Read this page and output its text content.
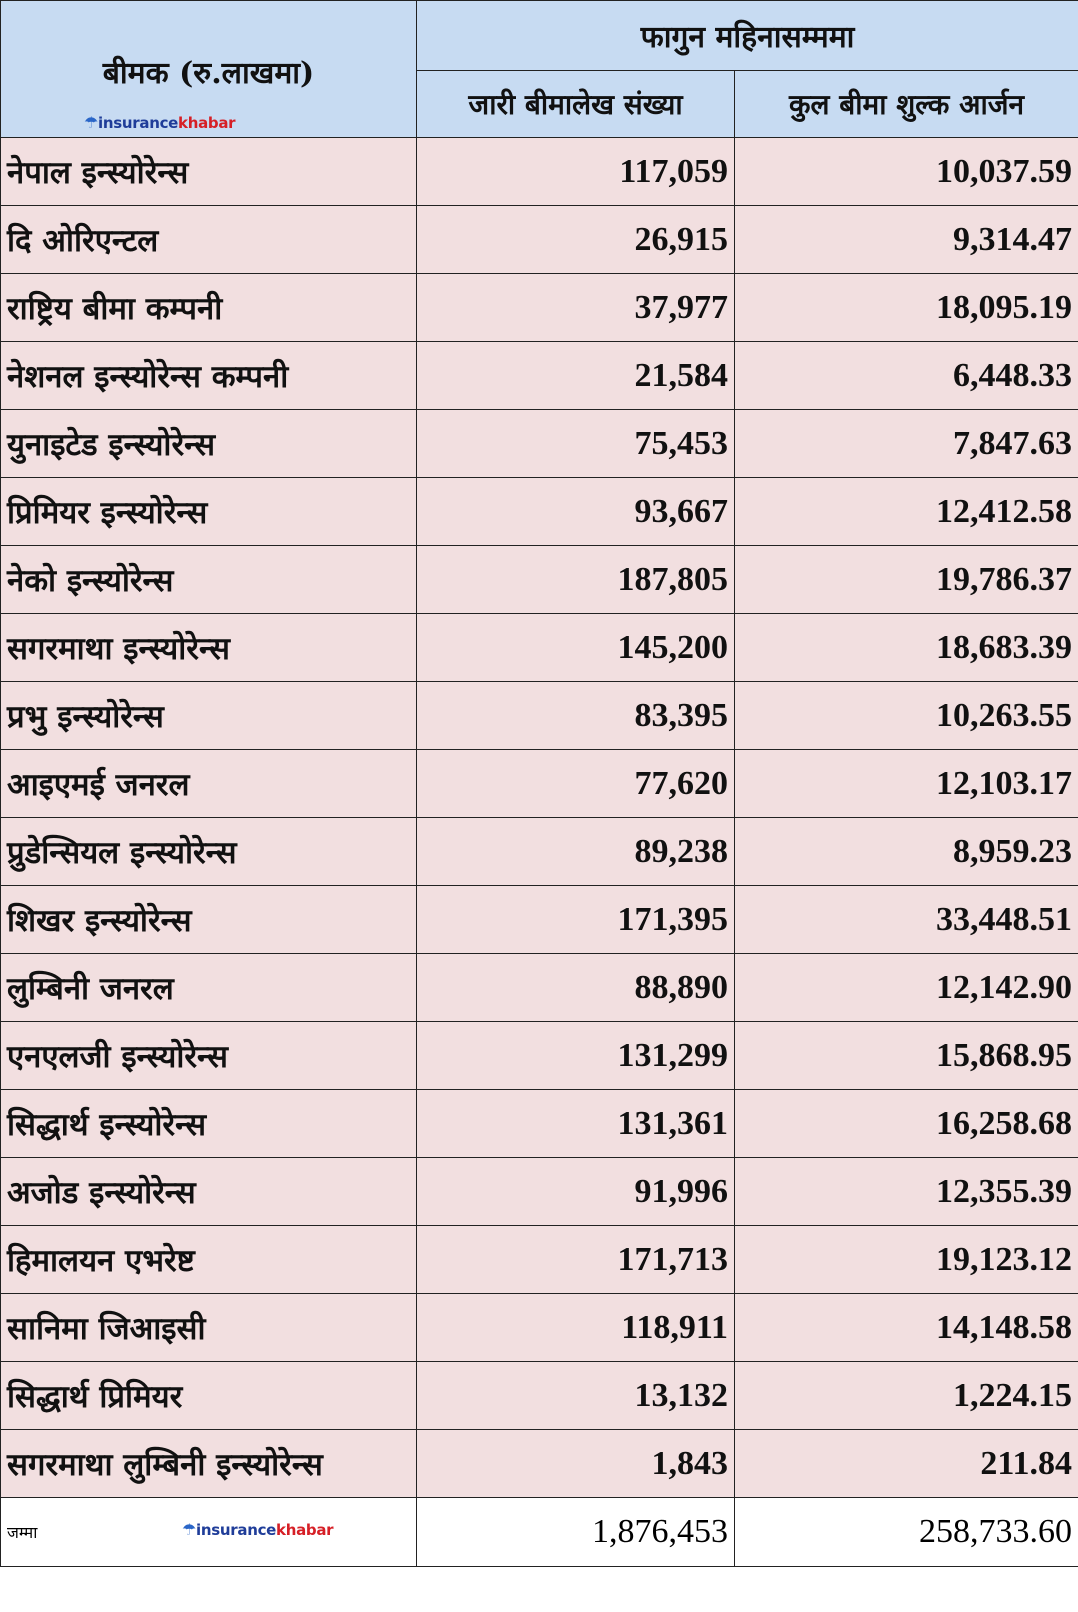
बीमक (रु.लाखमा)
☂insurancekhabar	फागुन महिनासम्ममा	
	जारी बीमालेख संख्या	कुल बीमा शुल्क आर्जन
नेपाल इन्स्योरेन्स	117,059	10,037.59
दि ओरिएन्टल	26,915	9,314.47
राष्ट्रिय बीमा कम्पनी	37,977	18,095.19
नेशनल इन्स्योरेन्स कम्पनी	21,584	6,448.33
युनाइटेड इन्स्योरेन्स	75,453	7,847.63
प्रिमियर इन्स्योरेन्स	93,667	12,412.58
नेको इन्स्योरेन्स	187,805	19,786.37
सगरमाथा इन्स्योरेन्स	145,200	18,683.39
प्रभु इन्स्योरेन्स	83,395	10,263.55
आइएमई जनरल	77,620	12,103.17
प्रुडेन्सियल इन्स्योरेन्स	89,238	8,959.23
शिखर इन्स्योरेन्स	171,395	33,448.51
लुम्बिनी जनरल	88,890	12,142.90
एनएलजी इन्स्योरेन्स	131,299	15,868.95
सिद्धार्थ इन्स्योरेन्स	131,361	16,258.68
अजोड इन्स्योरेन्स	91,996	12,355.39
हिमालयन एभरेष्ट	171,713	19,123.12
सानिमा जिआइसी	118,911	14,148.58
सिद्धार्थ प्रिमियर	13,132	1,224.15
सगरमाथा लुम्बिनी इन्स्योरेन्स	1,843	211.84
जम्मा ☂insurancekhabar	1,876,453	258,733.60
